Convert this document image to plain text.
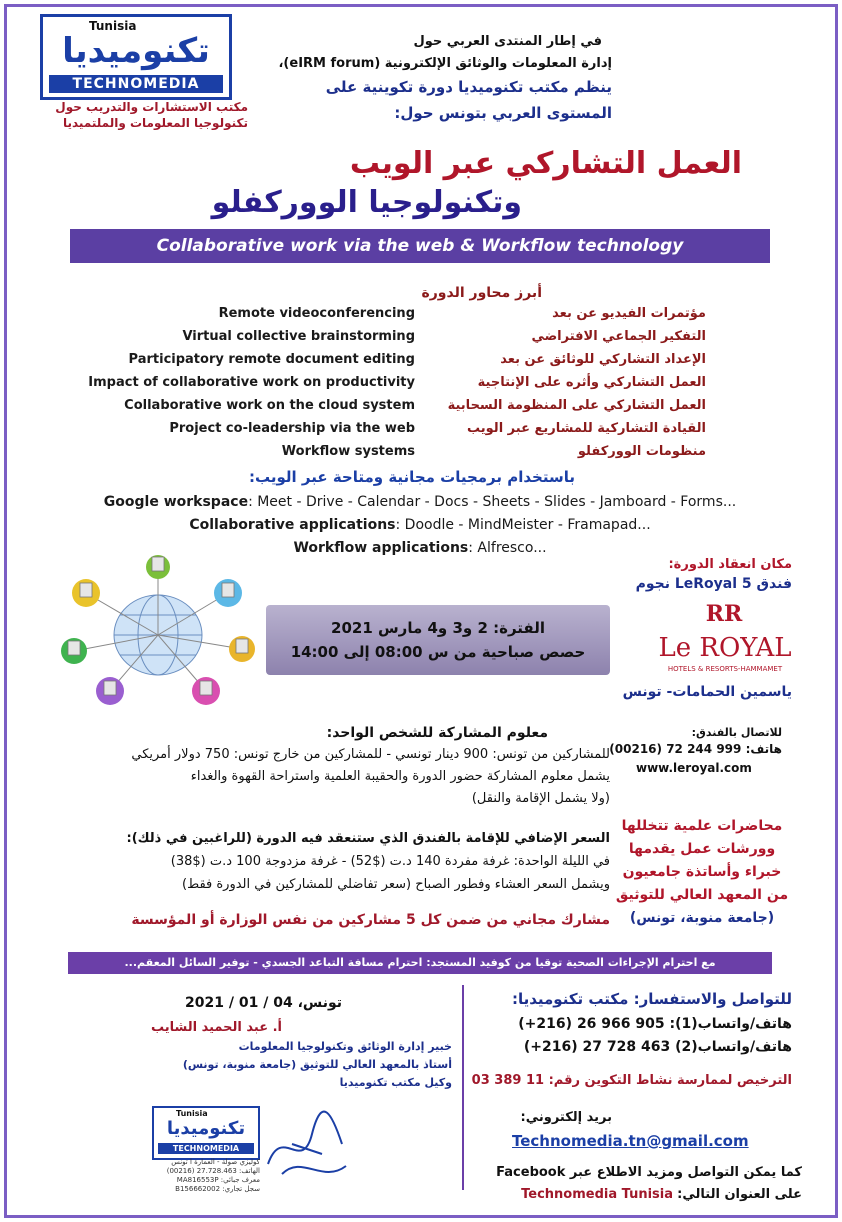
Tunisia
تكنوميديا
TECHNOMEDIA
مكتب الاستشارات والتدريب حول
تكنولوجيا المعلومات والملتميديا
في إطار المنتدى العربي حول
إدارة المعلومات والوثائق الإلكترونية (eIRM forum)،
ينظم مكتب تكنوميديا دورة تكوينية على
المستوى العربي بتونس حول:
العمل التشاركي عبر الويب
وتكنولوجيا الووركفلو
Collaborative work via the web & Workflow technology
أبرز محاور الدورة
مؤتمرات الفيديو عن بعد
Remote videoconferencing
التفكير الجماعي الافتراضي
Virtual collective brainstorming
الإعداد التشاركي للوثائق عن بعد
Participatory remote document editing
العمل التشاركي وأثره على الإنتاجية
Impact of collaborative work on productivity
العمل التشاركي على المنظومة السحابية
Collaborative work on the cloud system
القيادة التشاركية للمشاريع عبر الويب
Project co-leadership via the web
منظومات الووركفلو
Workflow systems
باستخدام برمجيات مجانية ومتاحة عبر الويب:
Google workspace: Meet - Drive - Calendar - Docs - Sheets - Slides - Jamboard - Forms...
Collaborative applications: Doodle - MindMeister - Framapad...
Workflow applications: Alfresco...
الفترة: 2 و3 و4 مارس 2021
حصص صباحية من س 08:00 إلى 14:00
مكان انعقاد الدورة:
فندق LeRoyal 5 نجوم
RR
Le ROYAL
HOTELS & RESORTS-HAMMAMET
ياسمين الحمامات- تونس
للاتصال بالفندق:
هاتف: 999 244 72 (00216)
www.leroyal.com
معلوم المشاركة للشخص الواحد:
للمشاركين من تونس: 900 دينار تونسي - للمشاركين من خارج تونس: 750 دولار أمريكي
يشمل معلوم المشاركة حضور الدورة والحقيبة العلمية واستراحة القهوة والغداء
(ولا يشمل الإقامة والنقل)
السعر الإضافي للإقامة بالفندق الذي ستنعقد فيه الدورة (للراغبين في ذلك):
في الليلة الواحدة: غرفة مفردة 140 د.ت ($52) - غرفة مزدوجة 100 د.ت ($38)
ويشمل السعر العشاء وفطور الصباح (سعر تفاضلي للمشاركين في الدورة فقط)
مشارك مجاني من ضمن كل 5 مشاركين من نفس الوزارة أو المؤسسة
محاضرات علمية تتخللها
وورشات عمل يقدمها
خبراء وأساتذة جامعيون
من المعهد العالي للتوثيق
(جامعة منوبة، تونس)
مع احترام الإجراءات الصحية توقيا من كوفيد المستجد: احترام مسافة التباعد الجسدي - توفير السائل المعقم...
تونس، 04 / 01 / 2021
أ. عبد الحميد الشايب
خبير إدارة الوثائق وتكنولوجيا المعلومات
أستاذ بالمعهد العالي للتوثيق (جامعة منوبة، تونس)
وكيل مكتب تكنوميديا
Tunisia
تكنوميديا
TECHNOMEDIA
كوليزي صولة - العمارة ا تونس
الهاتف: 27.728.463 (00216)
معرف جبائي: MA816553P
سجل تجاري: B156662002
للتواصل والاستفسار: مكتب تكنوميديا:
هاتف/واتساب(1): 905 966 26 (216+)
هاتف/واتساب(2) 463 728 27 (216+)
الترخيص لممارسة نشاط التكوين رقم: 11 389 03
بريد إلكتروني:
Technomedia.tn@gmail.com
كما يمكن التواصل ومزيد الاطلاع عبر Facebook
على العنوان التالي: Technomedia Tunisia
